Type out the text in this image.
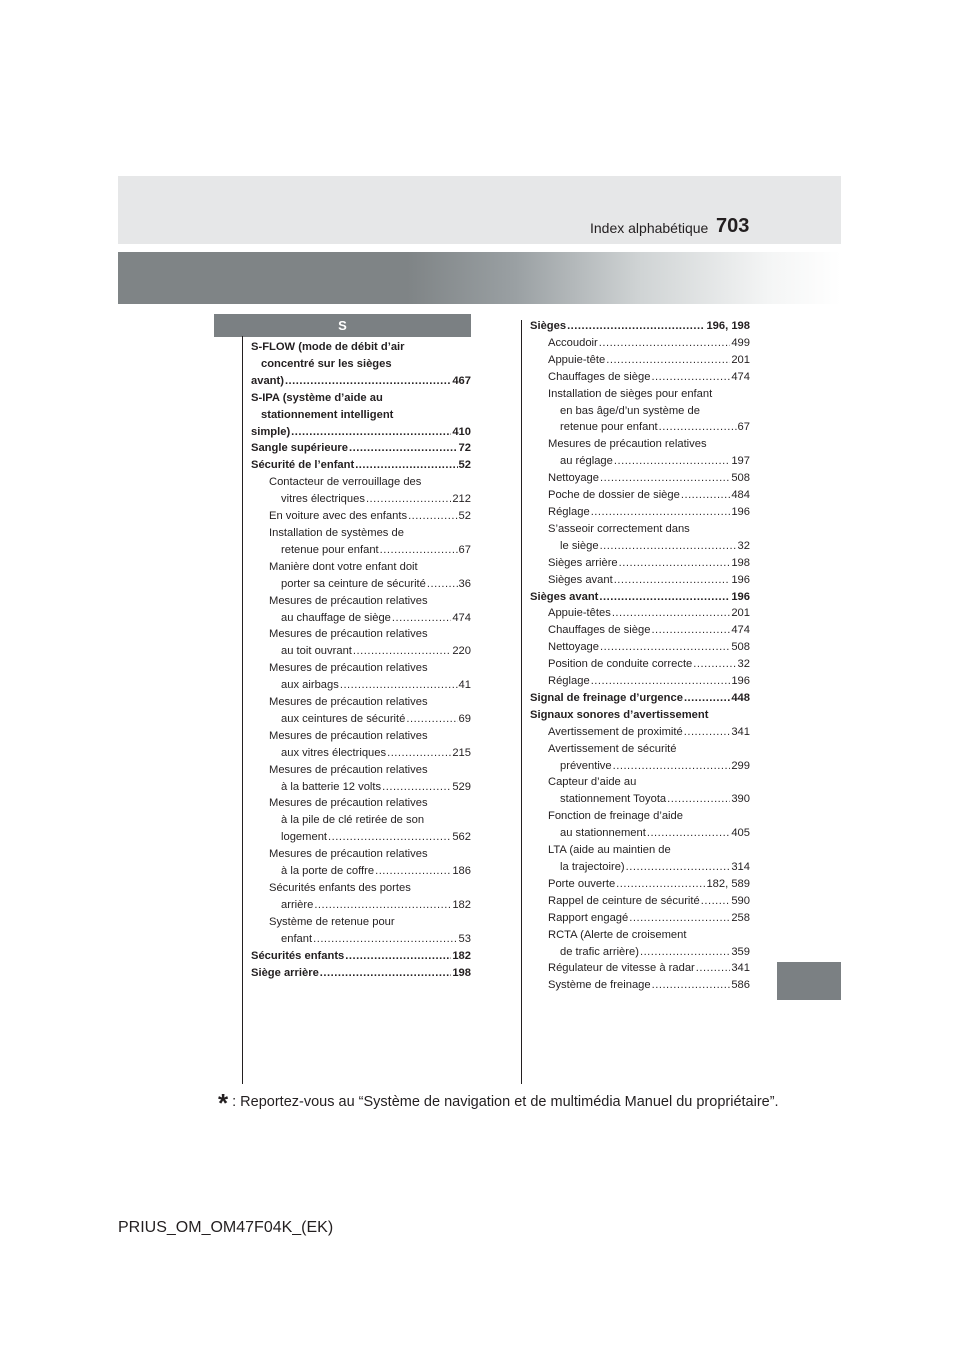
Index alphabétique 703
S
S-FLOW (mode de débit d’air
concentré sur les sièges
avant) .....	467
S-IPA (système d’aide au
stationnement intelligent
simple) .....	410
Sangle supérieure .....	72
Sécurité de l’enfant .....	52
Contacteur de verrouillage des
vitres électriques .....	212
En voiture avec des enfants .....	52
Installation de systèmes de
retenue pour enfant .....	67
Manière dont votre enfant doit
porter sa ceinture de sécurité .....	36
Mesures de précaution relatives
au chauffage de siège .....	474
Mesures de précaution relatives
au toit ouvrant .....	220
Mesures de précaution relatives
aux airbags .....	41
Mesures de précaution relatives
aux ceintures de sécurité .....	69
Mesures de précaution relatives
aux vitres électriques .....	215
Mesures de précaution relatives
à la batterie 12 volts .....	529
Mesures de précaution relatives
à la pile de clé retirée de son
logement .....	562
Mesures de précaution relatives
à la porte de coffre .....	186
Sécurités enfants des portes
arrière .....	182
Système de retenue pour
enfant .....	53
Sécurités enfants .....	182
Siège arrière .....	198
Sièges .....	196, 198
Accoudoir .....	499
Appuie-tête .....	201
Chauffages de siège .....	474
Installation de sièges pour enfant
en bas âge/d’un système de
retenue pour enfant .....	67
Mesures de précaution relatives
au réglage .....	197
Nettoyage .....	508
Poche de dossier de siège .....	484
Réglage .....	196
S’asseoir correctement dans
le siège .....	32
Sièges arrière .....	198
Sièges avant .....	196
Sièges avant .....	196
Appuie-têtes .....	201
Chauffages de siège .....	474
Nettoyage .....	508
Position de conduite correcte .....	32
Réglage .....	196
Signal de freinage d’urgence .....	448
Signaux sonores d’avertissement
Avertissement de proximité .....	341
Avertissement de sécurité
préventive .....	299
Capteur d’aide au
stationnement Toyota .....	390
Fonction de freinage d’aide
au stationnement .....	405
LTA (aide au maintien de
la trajectoire) .....	314
Porte ouverte .....	182, 589
Rappel de ceinture de sécurité .....	590
Rapport engagé .....	258
RCTA (Alerte de croisement
de trafic arrière) .....	359
Régulateur de vitesse à radar .....	341
Système de freinage .....	586
* : Reportez-vous au “Système de navigation et de multimédia Manuel du propriétaire”.
PRIUS_OM_OM47F04K_(EK)
